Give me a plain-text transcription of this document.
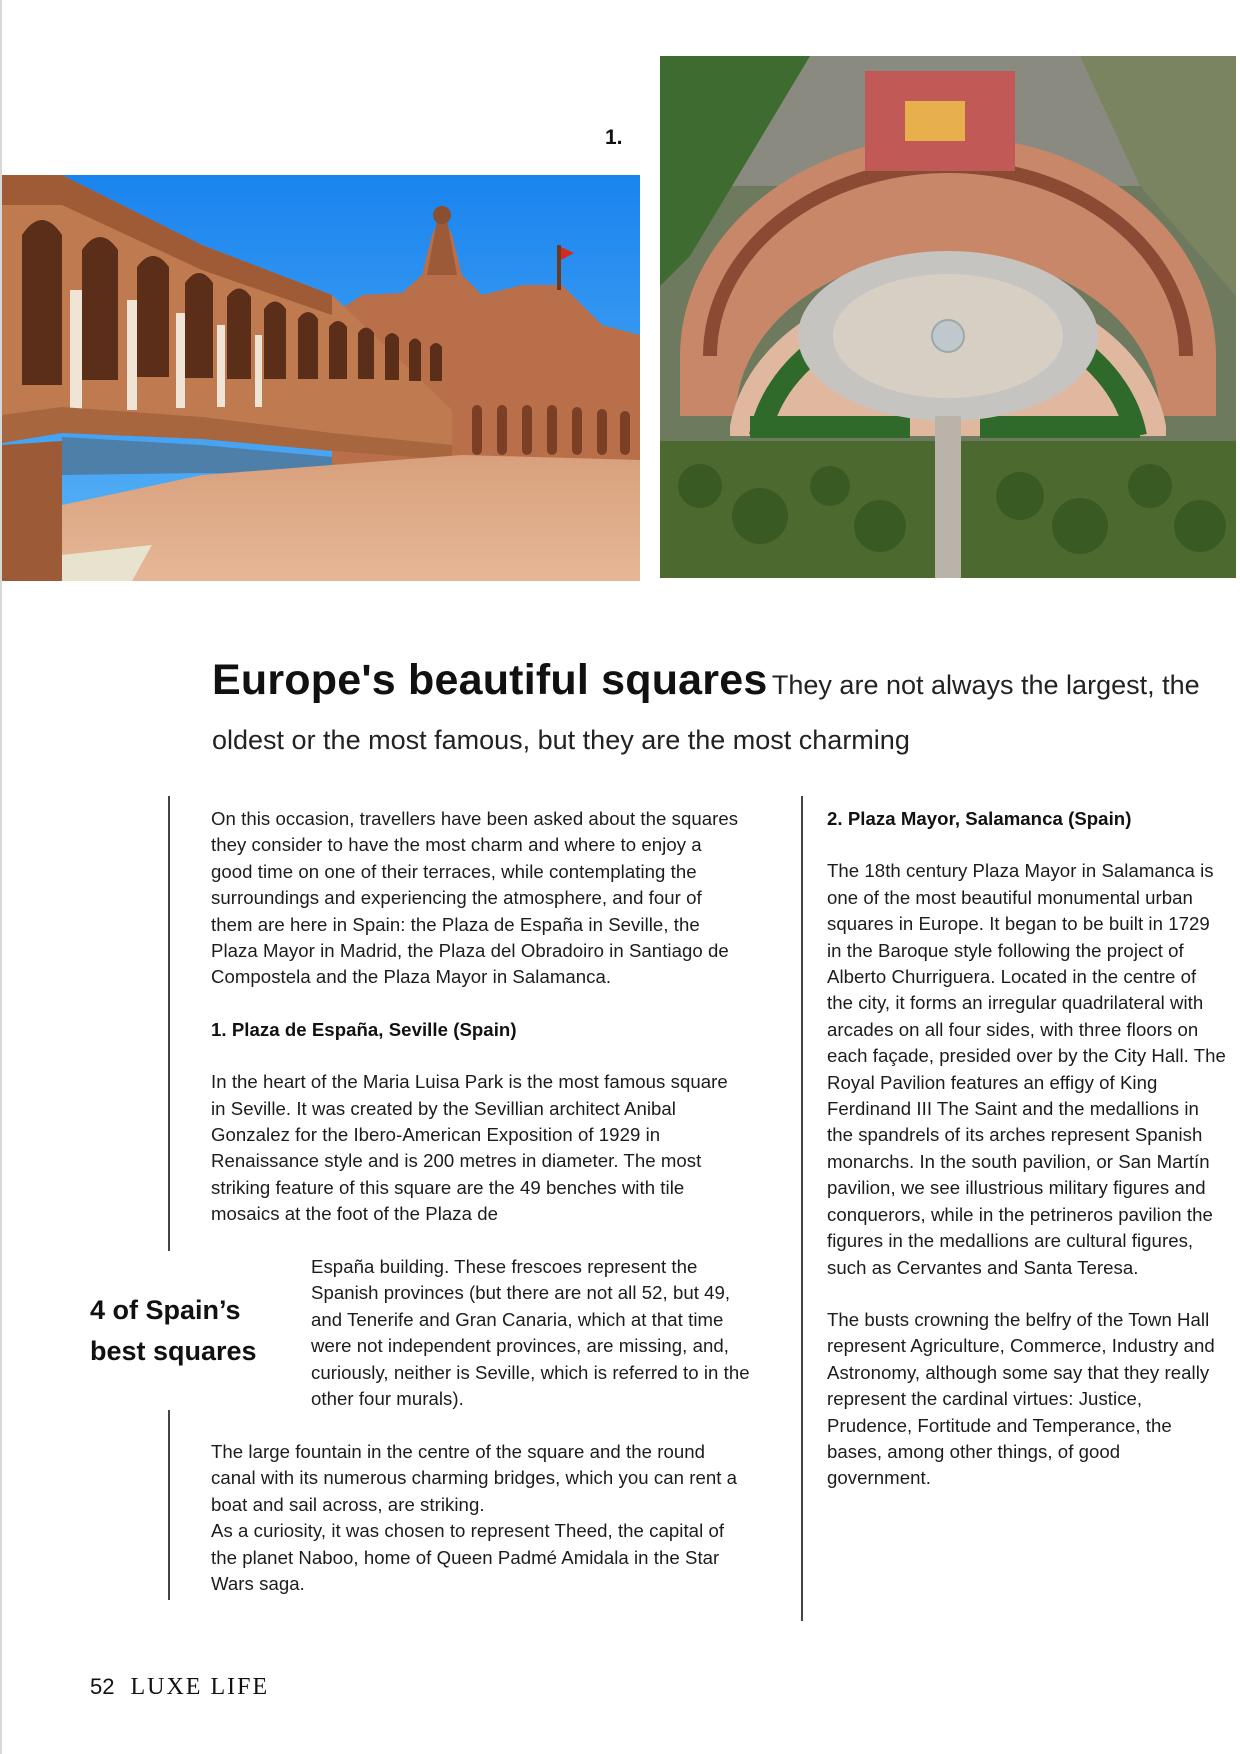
1.
Europe's beautiful squares They are not always the largest, the oldest or the most famous, but they are the most charming

On this occasion, travellers have been asked about the squares they consider to have the most charm and where to enjoy a good time on one of their terraces, while contemplating the surroundings and experiencing the atmosphere, and four of them are here in Spain: the Plaza de España in Seville, the Plaza Mayor in Madrid, the Plaza del Obradoiro in Santiago de Compostela and the Plaza Mayor in Salamanca.

1. Plaza de España, Seville (Spain)

In the heart of the Maria Luisa Park is the most famous square in Seville. It was created by the Sevillian architect Anibal Gonzalez for the Ibero-American Exposition of 1929 in Renaissance style and is 200 metres in diameter. The most striking feature of this square are the 49 benches with tile mosaics at the foot of the Plaza de

España building. These frescoes represent the Spanish provinces (but there are not all 52, but 49, and Tenerife and Gran Canaria, which at that time were not independent provinces, are missing, and, curiously, neither is Seville, which is referred to in the other four murals).

4 of Spain’s
best squares

The large fountain in the centre of the square and the round canal with its numerous charming bridges, which you can rent a boat and sail across, are striking.

As a curiosity, it was chosen to represent Theed, the capital of the planet Naboo, home of Queen Padmé Amidala in the Star Wars saga.

2. Plaza Mayor, Salamanca (Spain)

The 18th century Plaza Mayor in Salamanca is one of the most beautiful monumental urban squares in Europe. It began to be built in 1729 in the Baroque style following the project of Alberto Churriguera. Located in the centre of the city, it forms an irregular quadrilateral with arcades on all four sides, with three floors on each façade, presided over by the City Hall. The Royal Pavilion features an effigy of King Ferdinand III The Saint and the medallions in the spandrels of its arches represent Spanish monarchs. In the south pavilion, or San Martín pavilion, we see illustrious military figures and conquerors, while in the petrineros pavilion the figures in the medallions are cultural figures, such as Cervantes and Santa Teresa.

The busts crowning the belfry of the Town Hall represent Agriculture, Commerce, Industry and Astronomy, although some say that they really represent the cardinal virtues: Justice, Prudence, Fortitude and Temperance, the bases, among other things, of good government.

52 LUXE LIFE
